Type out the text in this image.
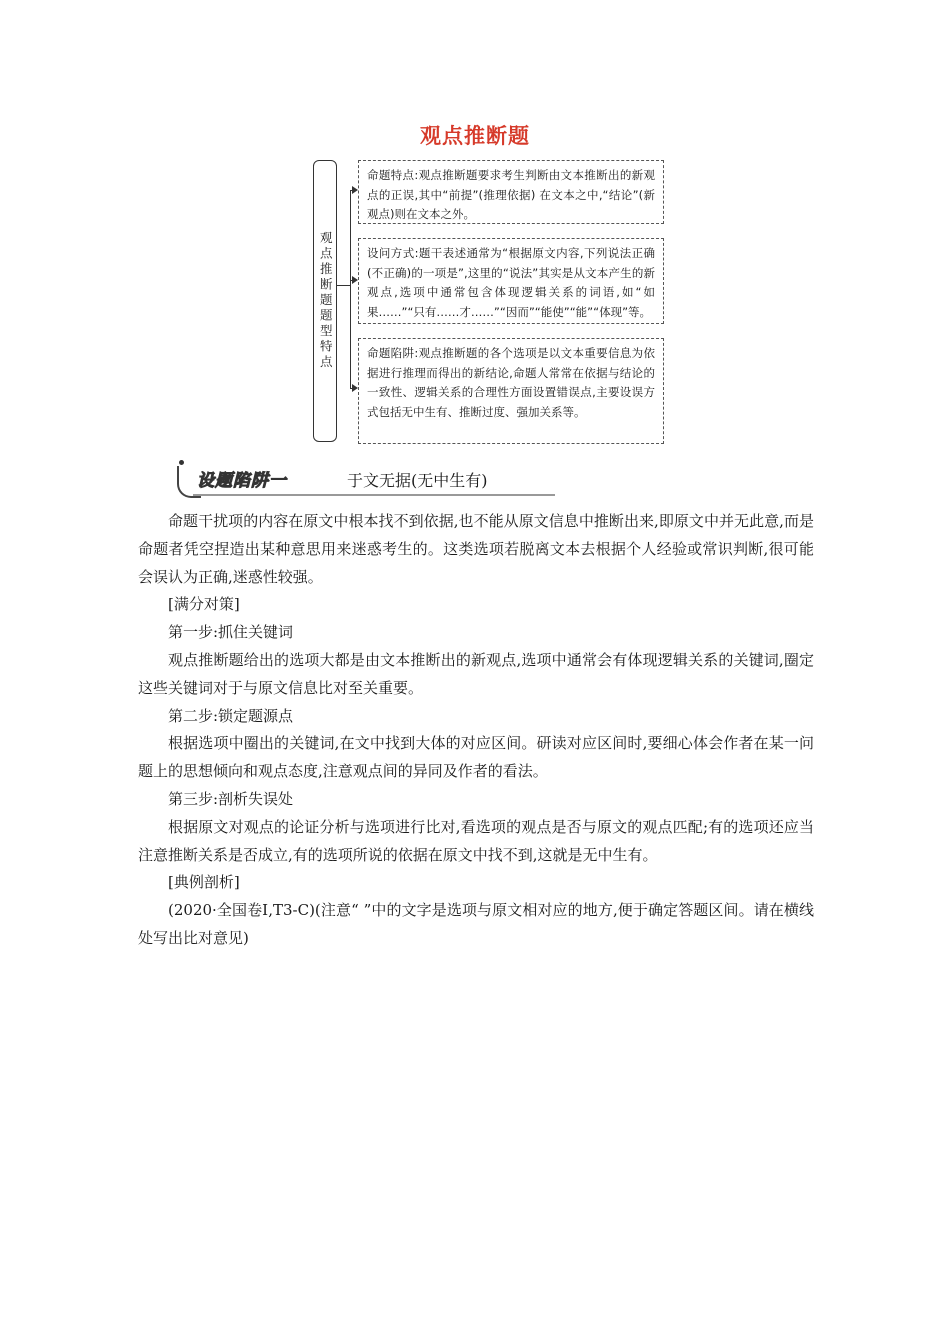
观点推断题
观点推断题题型特点
命题特点:观点推断题要求考生判断由文本推断出的新观点的正误,其中“前提”(推理依据) 在文本之中,“结论”(新观点)则在文本之外。
设问方式:题干表述通常为“根据原文内容,下列说法正确(不正确)的一项是”,这里的“说法”其实是从文本产生的新观点,选项中通常包含体现逻辑关系的词语,如“如果……”“只有……才……”“因而”“能使”“能”“体现”等。
命题陷阱:观点推断题的各个选项是以文本重要信息为依据进行推理而得出的新结论,命题人常常在依据与结论的一致性、逻辑关系的合理性方面设置错误点,主要设误方式包括无中生有、推断过度、强加关系等。
设题陷阱一	于文无据(无中生有)

命题干扰项的内容在原文中根本找不到依据,也不能从原文信息中推断出来,即原文中并无此意,而是命题者凭空捏造出某种意思用来迷惑考生的。这类选项若脱离文本去根据个人经验或常识判断,很可能会误认为正确,迷惑性较强。

[满分对策]

第一步:抓住关键词

观点推断题给出的选项大都是由文本推断出的新观点,选项中通常会有体现逻辑关系的关键词,圈定这些关键词对于与原文信息比对至关重要。

第二步:锁定题源点

根据选项中圈出的关键词,在文中找到大体的对应区间。研读对应区间时,要细心体会作者在某一问题上的思想倾向和观点态度,注意观点间的异同及作者的看法。

第三步:剖析失误处

根据原文对观点的论证分析与选项进行比对,看选项的观点是否与原文的观点匹配;有的选项还应当注意推断关系是否成立,有的选项所说的依据在原文中找不到,这就是无中生有。

[典例剖析]

(2020·全国卷Ⅰ,T3-C)(注意“ ”中的文字是选项与原文相对应的地方,便于确定答题区间。请在横线处写出比对意见)
